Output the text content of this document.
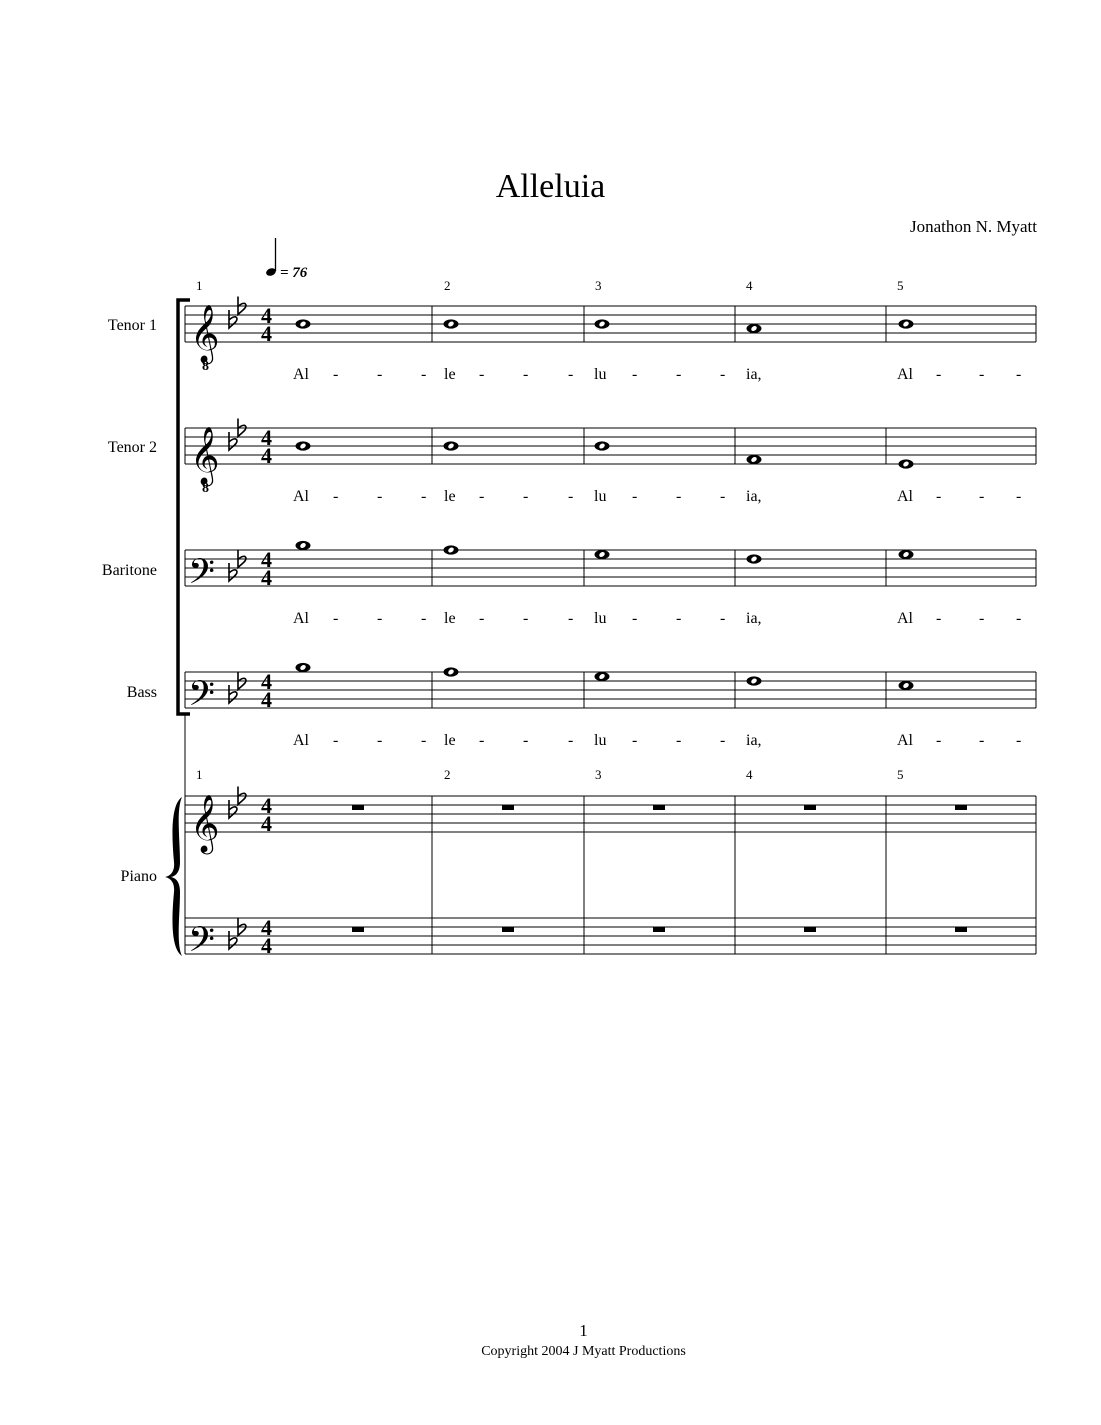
Alleluia
Jonathon N. Myatt
= 76
1	2	3	4	5
𝄞
8
4
4
Tenor 1
Al - - - le - - - lu - - - ia,	Al - - -
𝄞
8
4
4
Tenor 2
Al - - - le - - - lu - - - ia,	Al - - -
𝄢 4
4
Baritone
Al - - - le - - - lu - - - ia,	Al - - -
𝄢 4
4
Bass
Al - - - le - - - lu - - - ia,	Al - - -
1	2	3	4	5
𝄞 4
4
𝄢 4
4
Piano
1
Copyright 2004 J Myatt Productions
